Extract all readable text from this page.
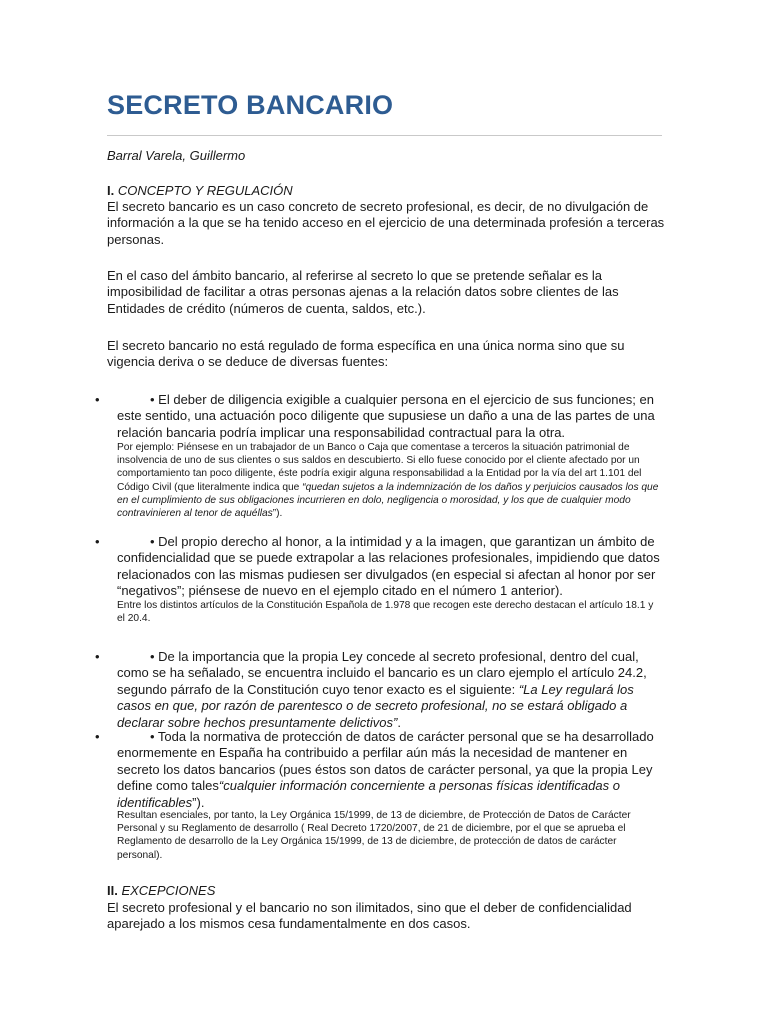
SECRETO BANCARIO
Barral Varela, Guillermo
I. CONCEPTO Y REGULACIÓN

El secreto bancario es un caso concreto de secreto profesional, es decir, de no divulgación de información a la que se ha tenido acceso en el ejercicio de una determinada profesión a terceras personas.

En el caso del ámbito bancario, al referirse al secreto lo que se pretende señalar es la imposibilidad de facilitar a otras personas ajenas a la relación datos sobre clientes de las Entidades de crédito (números de cuenta, saldos, etc.).

El secreto bancario no está regulado de forma específica en una única norma sino que su vigencia deriva o se deduce de diversas fuentes:

•	• El deber de diligencia exigible a cualquier persona en el ejercicio de sus funciones; en este sentido, una actuación poco diligente que supusiese un daño a una de las partes de una relación bancaria podría implicar una responsabilidad contractual para la otra.

Por ejemplo: Piénsese en un trabajador de un Banco o Caja que comentase a terceros la situación patrimonial de insolvencia de uno de sus clientes o sus saldos en descubierto. Si ello fuese conocido por el cliente afectado por un comportamiento tan poco diligente, éste podría exigir alguna responsabilidad a la Entidad por la vía del art 1.101 del Código Civil (que literalmente indica que “quedan sujetos a la indemnización de los daños y perjuicios causados los que en el cumplimiento de sus obligaciones incurrieren en dolo, negligencia o morosidad, y los que de cualquier modo contravinieren al tenor de aquéllas”).

•	• Del propio derecho al honor, a la intimidad y a la imagen, que garantizan un ámbito de confidencialidad que se puede extrapolar a las relaciones profesionales, impidiendo que datos relacionados con las mismas pudiesen ser divulgados (en especial si afectan al honor por ser “negativos”; piénsese de nuevo en el ejemplo citado en el número 1 anterior).

Entre los distintos artículos de la Constitución Española de 1.978 que recogen este derecho destacan el artículo 18.1 y el 20.4.

•	• De la importancia que la propia Ley concede al secreto profesional, dentro del cual, como se ha señalado, se encuentra incluido el bancario es un claro ejemplo el artículo 24.2, segundo párrafo de la Constitución cuyo tenor exacto es el siguiente: “La Ley regulará los casos en que, por razón de parentesco o de secreto profesional, no se estará obligado a declarar sobre hechos presuntamente delictivos”.

•	• Toda la normativa de protección de datos de carácter personal que se ha desarrollado enormemente en España ha contribuido a perfilar aún más la necesidad de mantener en secreto los datos bancarios (pues éstos son datos de carácter personal, ya que la propia Ley define como tales“cualquier información concerniente a personas físicas identificadas o identificables”).

Resultan esenciales, por tanto, la Ley Orgánica 15/1999, de 13 de diciembre, de Protección de Datos de Carácter Personal y su Reglamento de desarrollo ( Real Decreto 1720/2007, de 21 de diciembre, por el que se aprueba el Reglamento de desarrollo de la Ley Orgánica 15/1999, de 13 de diciembre, de protección de datos de carácter personal).

II. EXCEPCIONES

El secreto profesional y el bancario no son ilimitados, sino que el deber de confidencialidad aparejado a los mismos cesa fundamentalmente en dos casos.
